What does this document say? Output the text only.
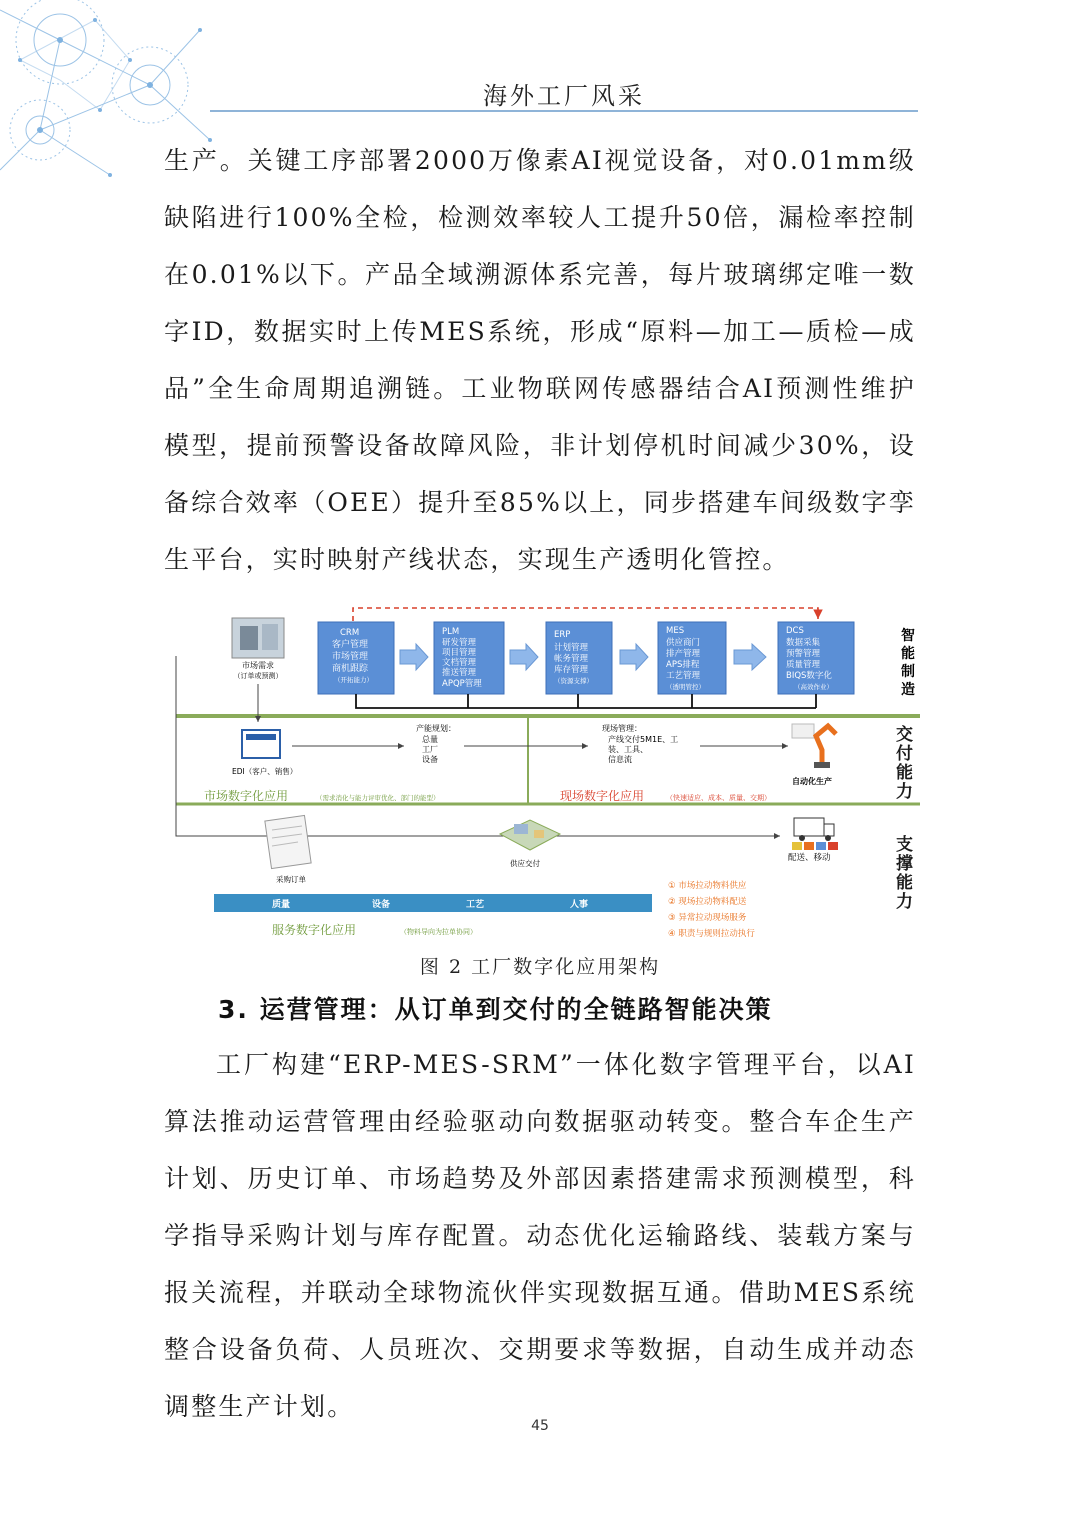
海外工厂风采

生产。关键工序部署2000万像素AI视觉设备，对0.01mm级缺陷进行100%全检，检测效率较人工提升50倍，漏检率控制在0.01%以下。产品全域溯源体系完善，每片玻璃绑定唯一数字ID，数据实时上传MES系统，形成“原料—加工—质检—成品”全生命周期追溯链。工业物联网传感器结合AI预测性维护模型，提前预警设备故障风险，非计划停机时间减少30%，设备综合效率（OEE）提升至85%以上，同步搭建车间级数字孪生平台，实时映射产线状态，实现生产透明化管控。

市场需求
（订单或预测）
CRM
客户管理
市场管理
商机跟踪
（开拓能力）
PLM
研发管理
项目管理
文档管理
推送管理
APQP管理
ERP
计划管理
帐务管理
库存管理
（资源支撑）
MES
供应商门
排产管理
APS排程
工艺管理
（透明管控）
DCS
数据采集
预警管理
质量管理
BIQS数字化
（高效作业）
智能制造
EDI（客户、销售）
产能规划：
总量
工厂
设备
现场管理：
产线交付5M1E、工
装、工具、
信息流
自动化生产
市场数字化应用	（需求消化与能力评审优化、部门的能型）	现场数字化应用	（快速适应、成本、质量、交期）
采购订单
供应交付
配送、移动
质量	设备	工艺	人事
服务数字化应用	（物料导向为拉单协同）
① 市场拉动物料供应
② 现场拉动物料配送
③ 异常拉动现场服务
④ 职责与规则拉动执行
交付能力
支撑能力
图 2 工厂数字化应用架构
3. 运营管理：从订单到交付的全链路智能决策

工厂构建“ERP-MES-SRM”一体化数字管理平台，以AI算法推动运营管理由经验驱动向数据驱动转变。整合车企生产计划、历史订单、市场趋势及外部因素搭建需求预测模型，科学指导采购计划与库存配置。动态优化运输路线、装载方案与报关流程，并联动全球物流伙伴实现数据互通。借助MES系统整合设备负荷、人员班次、交期要求等数据，自动生成并动态调整生产计划。

45
